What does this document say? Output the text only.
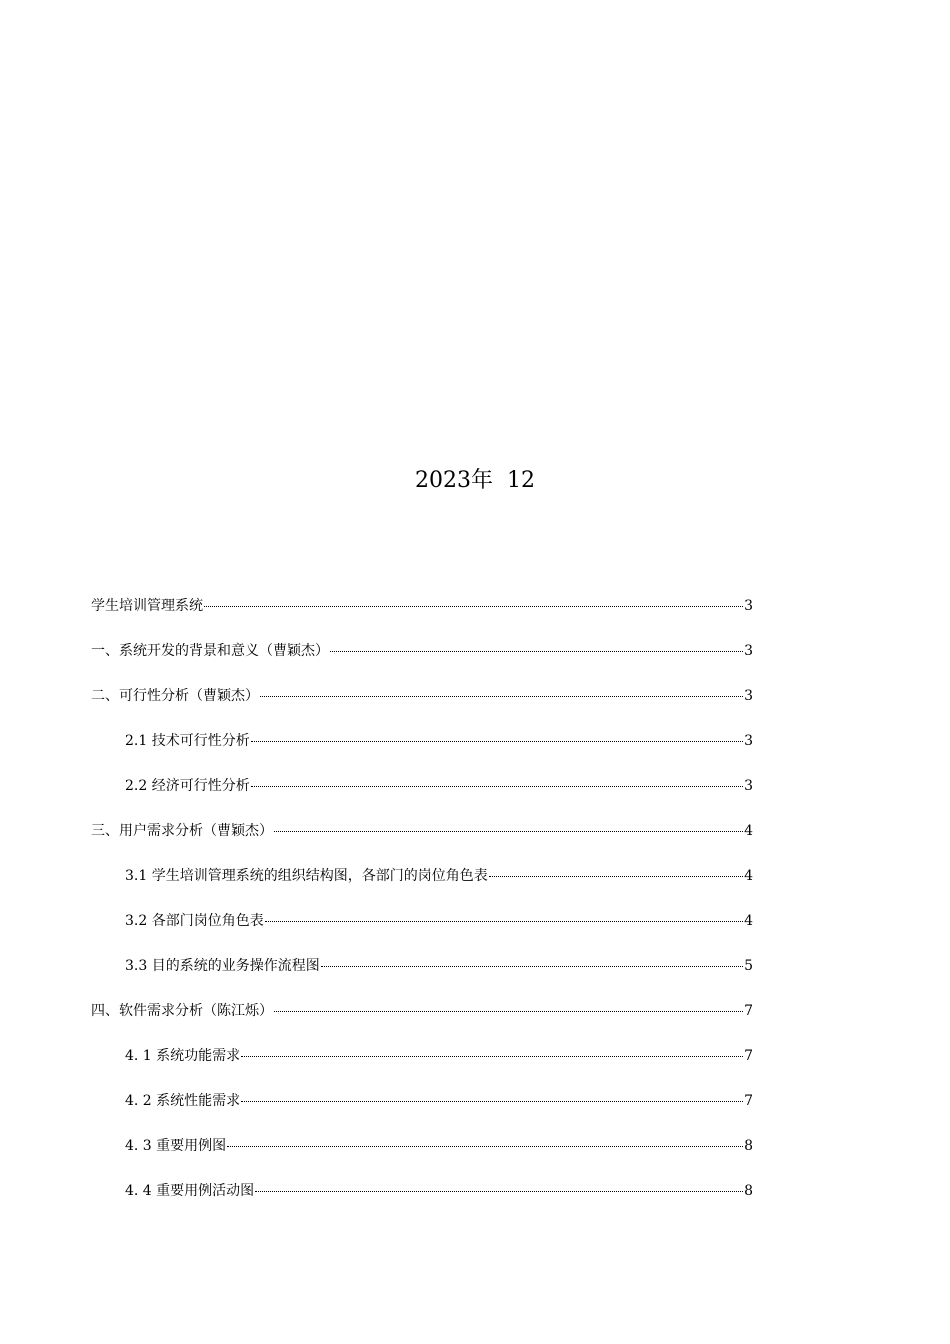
2023年  12
学生培训管理系统	3
一、系统开发的背景和意义（曹颖杰）	3
二、可行性分析（曹颖杰）	3
2.1 技术可行性分析	3
2.2 经济可行性分析	3
三、用户需求分析（曹颖杰）	4
3.1 学生培训管理系统的组织结构图，各部门的岗位角色表	4
3.2 各部门岗位角色表	4
3.3 目的系统的业务操作流程图	5
四、软件需求分析（陈江烁）	7
4. 1 系统功能需求	7
4. 2 系统性能需求	7
4. 3 重要用例图	8
4. 4 重要用例活动图	8
